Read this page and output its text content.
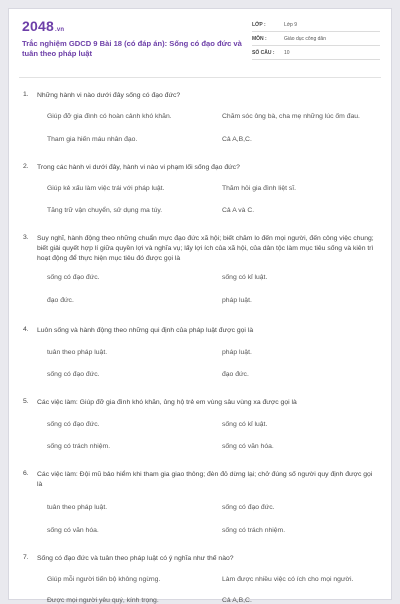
2048.vn
Trắc nghiệm GDCD 9 Bài 18 (có đáp án): Sống có đạo đức và tuân theo pháp luật
LỚP :	Lớp 9
MÔN :	Giáo dục công dân
SỐ CÂU :	10
1. Những hành vi nào dưới đây sống có đạo đức?
Giúp đỡ gia đình có hoàn cảnh khó khăn.	Chăm sóc ông bà, cha mẹ những lúc ốm đau.
Tham gia hiến máu nhân đạo.	Cả A,B,C.
2. Trong các hành vi dưới đây, hành vi nào vi phạm lối sống đạo đức?
Giúp kẻ xấu làm việc trái với pháp luật.	Thăm hỏi gia đình liệt sĩ.
Tăng trữ vận chuyển, sử dụng ma túy.	Cả A và C.
3. Suy nghĩ, hành động theo những chuẩn mực đạo đức xã hội; biết chăm lo đến mọi người, đến công việc chung; biết giải quyết hợp lí giữa quyền lợi và nghĩa vụ; lấy lợi ích của xã hội, của dân tộc làm mục tiêu sống và kiên trì hoạt động để thực hiện mục tiêu đó được gọi là
sống có đạo đức.	sống có kỉ luật.
đạo đức.	pháp luật.
4. Luôn sống và hành động theo những qui định của pháp luật được gọi là
tuân theo pháp luật.	pháp luật.
sống có đạo đức.	đạo đức.
5. Các việc làm: Giúp đỡ gia đình khó khăn, ủng hộ trẻ em vùng sâu vùng xa được gọi là
sống có đạo đức.	sống có kỉ luật.
sống có trách nhiệm.	sống có văn hóa.
6. Các việc làm: Đội mũ bảo hiểm khi tham gia giao thông; đèn đỏ dừng lại; chở đúng số người quy định được gọi là
tuân theo pháp luật.	sống có đạo đức.
sống có văn hóa.	sống có trách nhiệm.
7. Sống có đạo đức và tuân theo pháp luật có ý nghĩa như thế nào?
Giúp mỗi người tiến bộ không ngừng.	Làm được nhiều việc có ích cho mọi người.
Được mọi người yêu quý, kính trọng.	Cả A,B,C.
